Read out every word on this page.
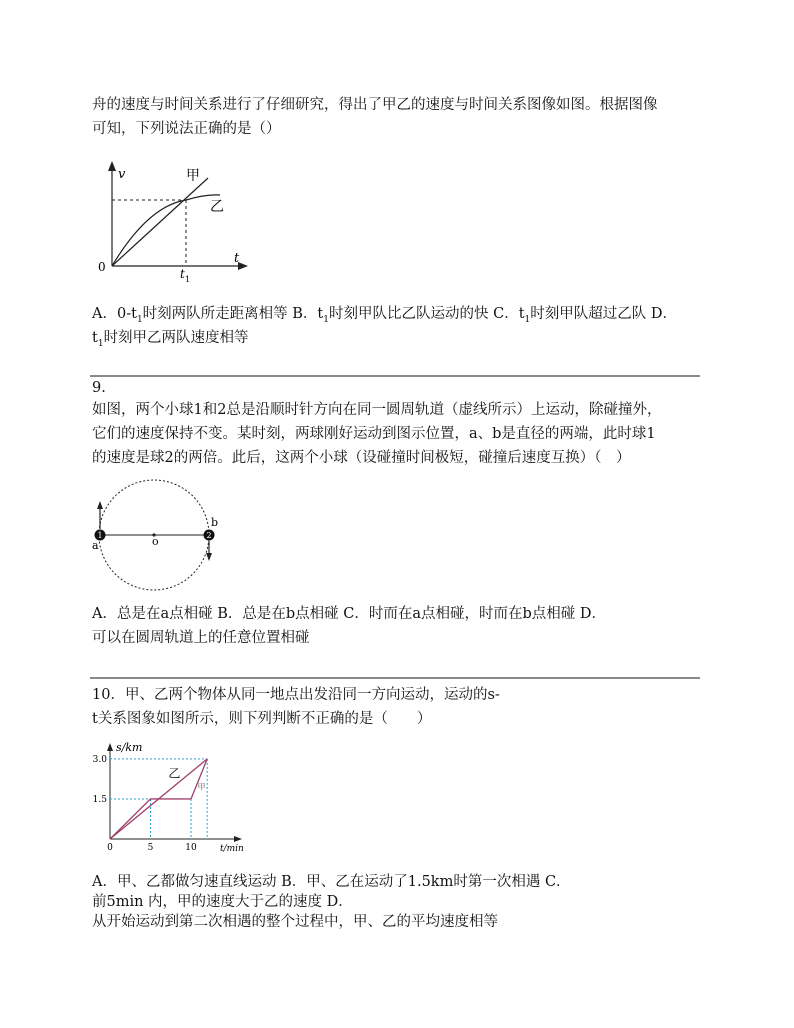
舟的速度与时间关系进行了仔细研究，得出了甲乙的速度与时间关系图像如图。根据图像
可知，下列说法正确的是（）
v
t
0	t 1
甲
乙
A．$0-t_1$时刻两队所走距离相等 B．$t_1$时刻甲队比乙队运动的快 C．$t_1$时刻甲队超过乙队 D．
$t_1$时刻甲乙两队速度相等
9.
如图，两个小球1和2总是沿顺时针方向在同一圆周轨道（虚线所示）上运动，除碰撞外，
它们的速度保持不变。某时刻，两球刚好运动到图示位置，a、b是直径的两端，此时球1
的速度是球2的两倍。此后，这两个小球（设碰撞时间极短，碰撞后速度互换）（　）
1	2
a
b
o
A．总是在a点相碰 B．总是在b点相碰 C．时而在a点相碰，时而在b点相碰 D．
可以在圆周轨道上的任意位置相碰
10．甲、乙两个物体从同一地点出发沿同一方向运动，运动的s-
t关系图象如图所示，则下列判断不正确的是（　　）
甲
乙
0	5	10
1.5
3.0
s/km
t/min
A．甲、乙都做匀速直线运动 B．甲、乙在运动了1.5km时第一次相遇 C．
前5min 内，甲的速度大于乙的速度 D．
从开始运动到第二次相遇的整个过程中，甲、乙的平均速度相等
